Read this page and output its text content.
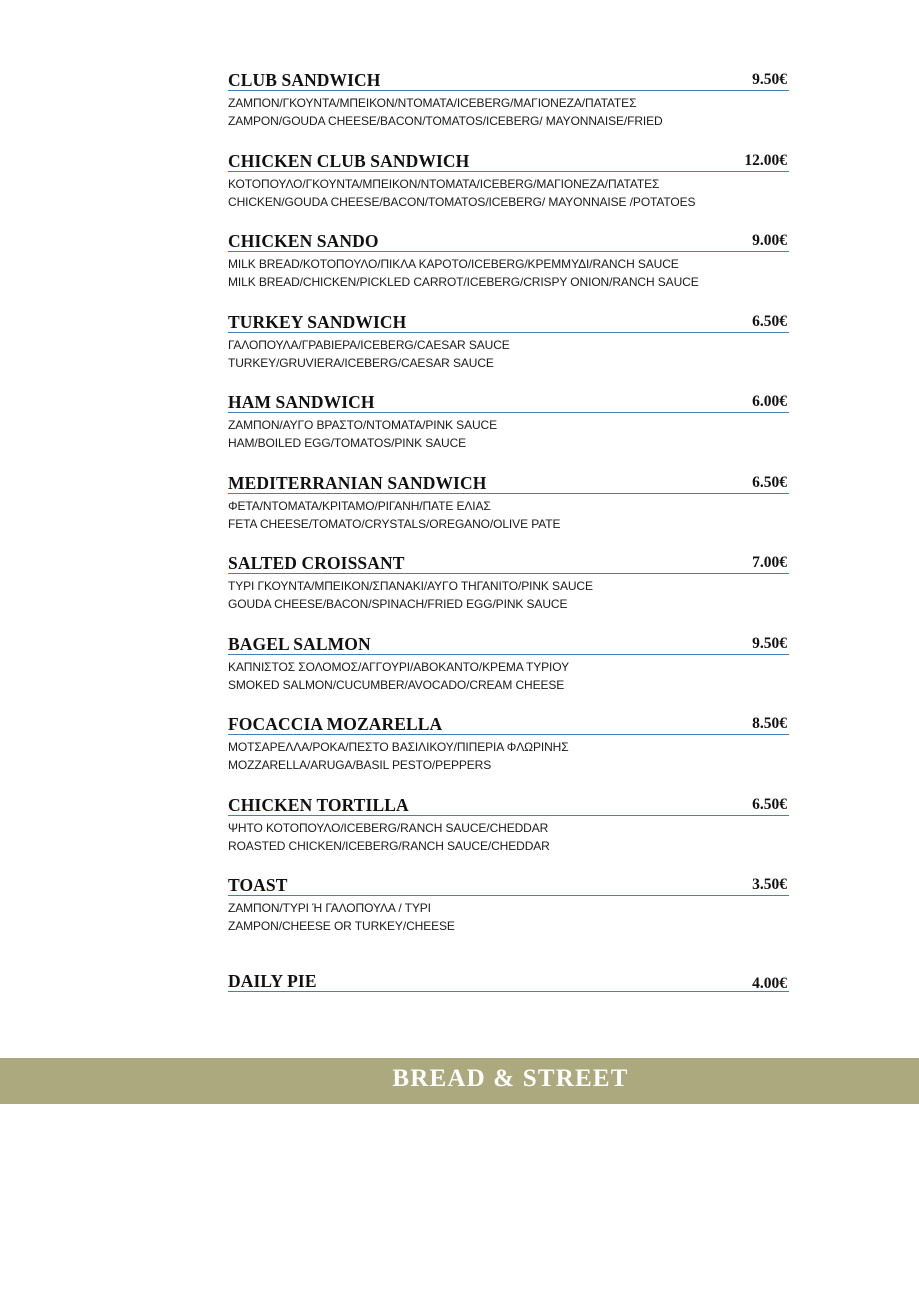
CLUB SANDWICH	9.50€
ΖΑΜΠΟΝ/ΓΚΟΥΝΤΑ/ΜΠΕΙΚΟΝ/ΝΤΟΜΑΤΑ/ICEBERG/ΜΑΓΙΟΝΕΖΑ/ΠΑΤΑΤΕΣ
ZAMPON/GOUDA CHEESE/BACON/TOMATOS/ICEBERG/ MAYONNAISE/FRIED
CHICKEN CLUB SANDWICH	12.00€
ΚΟΤΟΠΟΥΛΟ/ΓΚΟΥΝΤΑ/ΜΠΕΙΚΟΝ/ΝΤΟΜΑΤΑ/ICEBERG/ΜΑΓΙΟΝΕΖΑ/ΠΑΤΑΤΕΣ
CHICKEN/GOUDA CHEESE/BACON/TOMATOS/ICEBERG/ MAYONNAISE /POTATOES
CHICKEN SANDO	9.00€
MILK BREAD/ΚΟΤΟΠΟΥΛΟ/ΠΙΚΛΑ ΚΑΡΟΤΟ/ICEBERG/ΚΡΕΜΜΥΔΙ/RANCH SAUCE
MILK BREAD/CHICKEN/PICKLED CARROT/ICEBERG/CRISPY ONION/RANCH SAUCE
TURKEY SANDWICH	6.50€
ΓΑΛΟΠΟΥΛΑ/ΓΡΑΒΙΕΡΑ/ICEBERG/CAESAR SAUCE
TURKEY/GRUVIERA/ICEBERG/CAESAR SAUCE
HAM SANDWICH	6.00€
ΖΑΜΠΟΝ/ΑΥΓΟ ΒΡΑΣΤΟ/ΝΤΟΜΑΤΑ/PINK SAUCE
HAM/BOILED EGG/TOMATOS/PINK SAUCE
MEDITERRANIAN SANDWICH	6.50€
ΦΕΤΑ/ΝΤΟΜΑΤΑ/ΚΡΙΤΑΜΟ/ΡΙΓΑΝΗ/ΠΑΤΕ ΕΛΙΑΣ
FETA CHEESE/TOMATO/CRYSTALS/OREGANO/OLIVE PATE
SALTED CROISSANT	7.00€
ΤΥΡΙ ΓΚΟΥΝΤΑ/ΜΠΕΙΚΟΝ/ΣΠΑΝΑΚΙ/ΑΥΓΟ ΤΗΓΑΝΙΤΟ/PINK SAUCE
GOUDA CHEESE/BACON/SPINACH/FRIED EGG/PINK SAUCE
BAGEL SALMON	9.50€
ΚΑΠΝΙΣΤΟΣ ΣΟΛΟΜΟΣ/ΑΓΓΟΥΡΙ/ΑΒΟΚΑΝΤΟ/ΚΡΕΜΑ ΤΥΡΙΟΥ
SMOKED SALMON/CUCUMBER/AVOCADO/CREAM CHEESE
FOCACCIA MOZARELLA	8.50€
ΜΟΤΣΑΡΕΛΛΑ/ΡΟΚΑ/ΠΕΣΤΟ ΒΑΣΙΛΙΚΟΥ/ΠΙΠΕΡΙΑ ΦΛΩΡΙΝΗΣ
MOZZARELLA/ARUGA/BASIL PESTO/PEPPERS
CHICKEN TORTILLA	6.50€
ΨΗΤΟ ΚΟΤΟΠΟΥΛΟ/ICEBERG/RANCH SAUCE/CHEDDAR
ROASTED CHICKEN/ICEBERG/RANCH SAUCE/CHEDDAR
TOAST	3.50€
ΖΑΜΠΟΝ/ΤΥΡΙ Ή ΓΑΛΟΠΟΥΛΑ / ΤΥΡΙ
ZAMPON/CHEESE OR TURKEY/CHEESE
DAILY PIE	4.00€
BREAD & STREET
